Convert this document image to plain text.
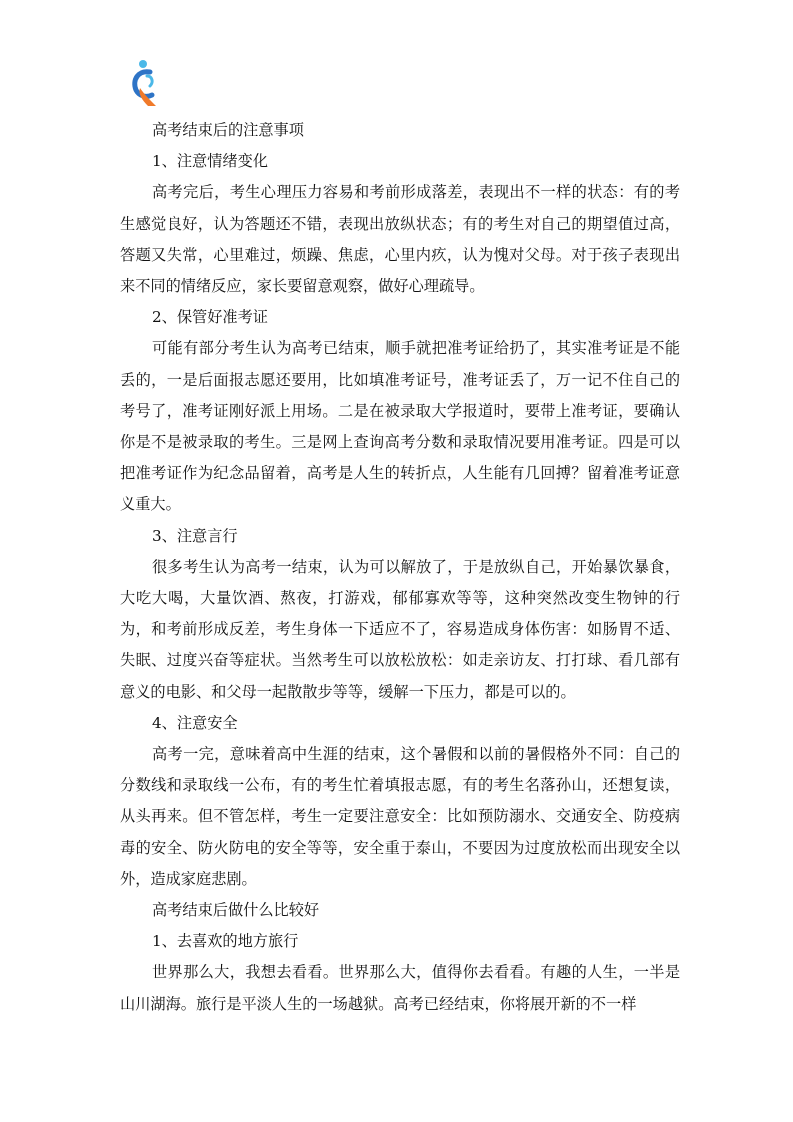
高考结束后的注意事项

1、注意情绪变化

高考完后，考生心理压力容易和考前形成落差，表现出不一样的状态：有的考生感觉良好，认为答题还不错，表现出放纵状态；有的考生对自己的期望值过高，答题又失常，心里难过，烦躁、焦虑，心里内疚，认为愧对父母。对于孩子表现出来不同的情绪反应，家长要留意观察，做好心理疏导。

2、保管好准考证

可能有部分考生认为高考已结束，顺手就把准考证给扔了，其实准考证是不能丢的，一是后面报志愿还要用，比如填准考证号，准考证丢了，万一记不住自己的考号了，准考证刚好派上用场。二是在被录取大学报道时，要带上准考证，要确认你是不是被录取的考生。三是网上查询高考分数和录取情况要用准考证。四是可以把准考证作为纪念品留着，高考是人生的转折点，人生能有几回搏？留着准考证意义重大。

3、注意言行

很多考生认为高考一结束，认为可以解放了，于是放纵自己，开始暴饮暴食，大吃大喝，大量饮酒、熬夜，打游戏，郁郁寡欢等等，这种突然改变生物钟的行为，和考前形成反差，考生身体一下适应不了，容易造成身体伤害：如肠胃不适、失眠、过度兴奋等症状。当然考生可以放松放松：如走亲访友、打打球、看几部有意义的电影、和父母一起散散步等等，缓解一下压力，都是可以的。

4、注意安全

高考一完，意味着高中生涯的结束，这个暑假和以前的暑假格外不同：自己的分数线和录取线一公布，有的考生忙着填报志愿，有的考生名落孙山，还想复读，从头再来。但不管怎样，考生一定要注意安全：比如预防溺水、交通安全、防疫病毒的安全、防火防电的安全等等，安全重于泰山，不要因为过度放松而出现安全以外，造成家庭悲剧。

高考结束后做什么比较好

1、去喜欢的地方旅行

世界那么大，我想去看看。世界那么大，值得你去看看。有趣的人生，一半是山川湖海。旅行是平淡人生的一场越狱。高考已经结束，你将展开新的不一样
